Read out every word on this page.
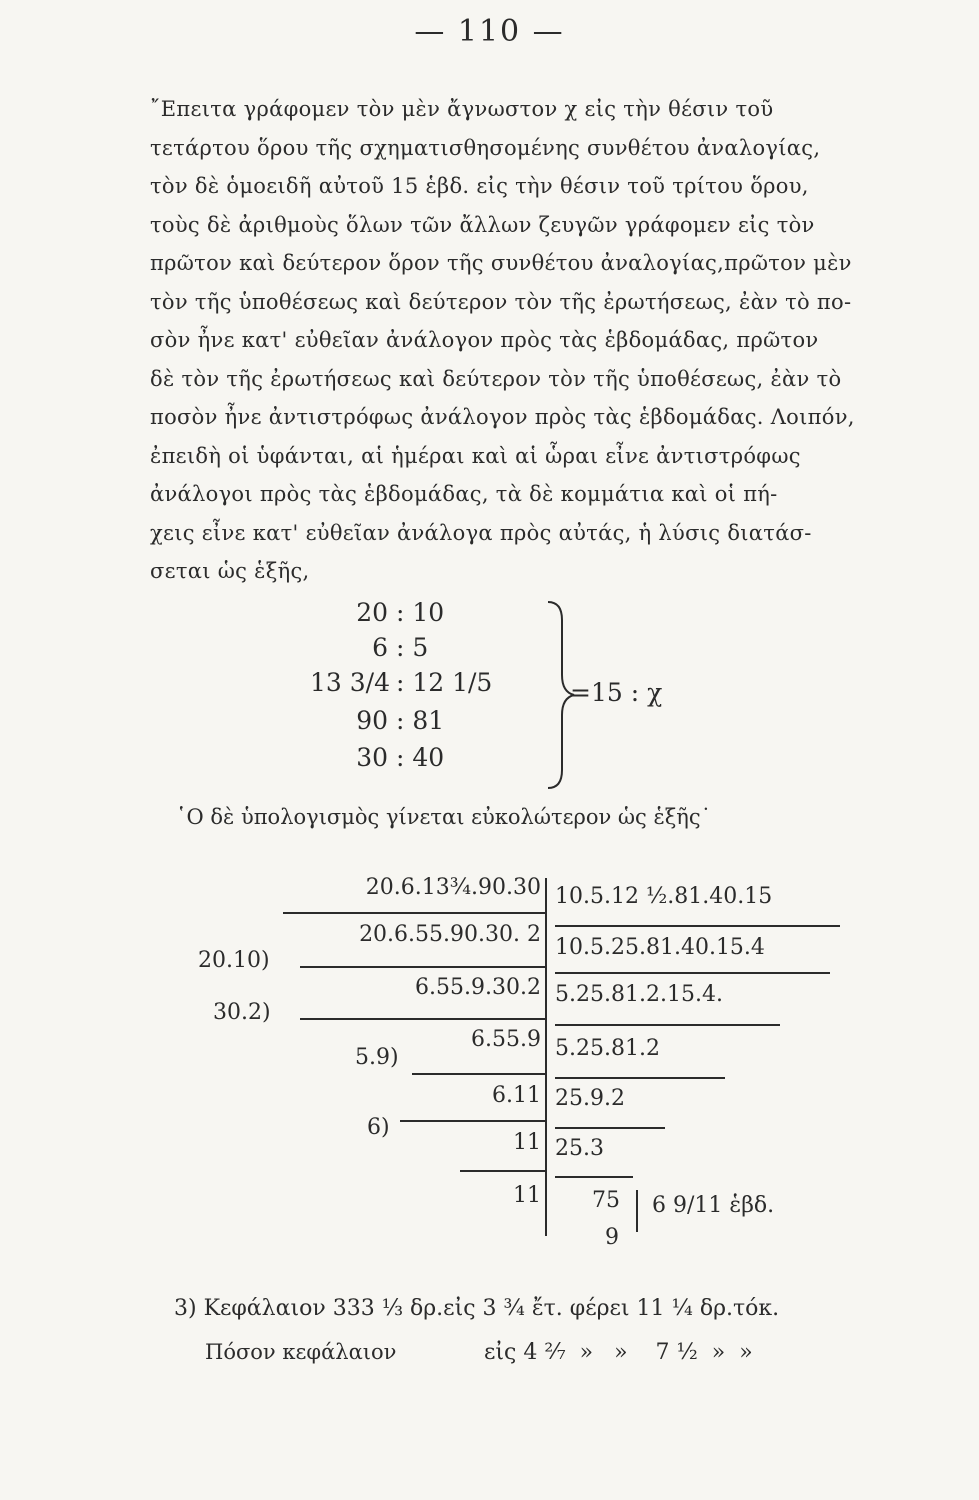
— 110 —
῎Επειτα γράφομεν τὸν μὲν ἄγνωστον χ εἰς τὴν θέσιν τοῦ
τετάρτου ὅρου τῆς σχηματισθησομένης συνθέτου ἀναλογίας,
τὸν δὲ ὁμοειδῆ αὐτοῦ 15 ἑβδ. εἰς τὴν θέσιν τοῦ τρίτου ὅρου,
τοὺς δὲ ἀριθμοὺς ὅλων τῶν ἄλλων ζευγῶν γράφομεν εἰς τὸν
πρῶτον καὶ δεύτερον ὅρον τῆς συνθέτου ἀναλογίας,πρῶτον μὲν
τὸν τῆς ὑποθέσεως καὶ δεύτερον τὸν τῆς ἐρωτήσεως, ἐὰν τὸ πο-
σὸν ἦνε κατ' εὐθεῖαν ἀνάλογον πρὸς τὰς ἑβδομάδας, πρῶτον
δὲ τὸν τῆς ἐρωτήσεως καὶ δεύτερον τὸν τῆς ὑποθέσεως, ἐὰν τὸ
ποσὸν ἦνε ἀντιστρόφως ἀνάλογον πρὸς τὰς ἑβδομάδας. Λοιπόν,
ἐπειδὴ οἱ ὑφάνται, αἱ ἡμέραι καὶ αἱ ὧραι εἶνε ἀντιστρόφως
ἀνάλογοι πρὸς τὰς ἑβδομάδας, τὰ δὲ κομμάτια καὶ οἱ πή-
χεις εἶνε κατ' εὐθεῖαν ἀνάλογα πρὸς αὐτάς, ἡ λύσις διατάσ-
σεται ὡς ἑξῆς,
20 : 10
6 : 5
13 3/4 : 12 1/5
90 : 81
30 : 40
=15 : χ
῾Ο δὲ ὑπολογισμὸς γίνεται εὐκολώτερον ὡς ἑξῆς˙
20.6.13¾.90.30
20.6.55.90.30. 2
6.55.9.30.2
6.55.9
6.11
11
11
10.5.12 ½.81.40.15
10.5.25.81.40.15.4
5.25.81.2.15.4.
5.25.81.2
25.9.2
25.3
75
9
6 9/11 ἑβδ.
20.10)
30.2)
5.9)
6)
3) Κεφάλαιον 333 ⅓ δρ.εἰς 3 ¾ ἔτ. φέρει 11 ¼ δρ.τόκ.
Πόσον κεφάλαιον	εἰς 4 ²⁄₇  »   »    7 ½  »  »
